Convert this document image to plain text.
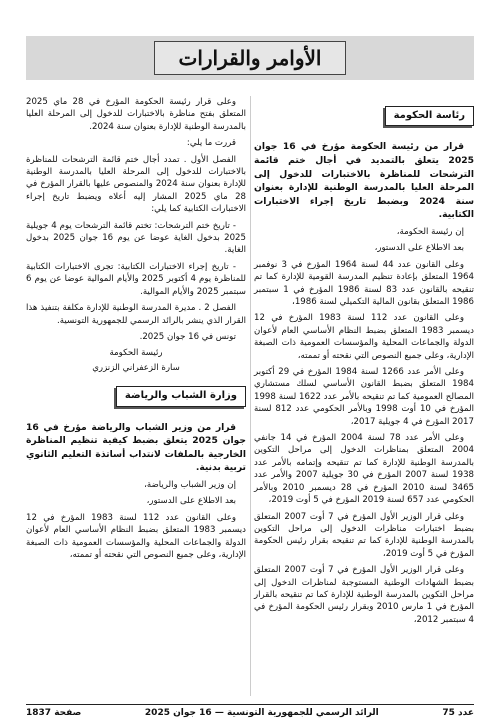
الأوامر والقرارات
رئاسة الحكومة

قرار من رئيسة الحكومة مؤرخ في 16 جوان 2025 يتعلق بالتمديد في أجال ختم قائمة الترشحات للمناظرة بالاختبارات للدخول إلى المرحلة العليا بالمدرسة الوطنية للإدارة بعنوان سنة 2024 وبضبط تاريخ إجراء الاختبارات الكتابية.

إن رئيسة الحكومة،

بعد الاطلاع على الدستور،

وعلى القانون عدد 44 لسنة 1964 المؤرخ في 3 نوفمبر 1964 المتعلق بإعادة تنظيم المدرسة القومية للإدارة كما تم تنقيحه بالقانون عدد 83 لسنة 1986 المؤرخ في 1 سبتمبر 1986 المتعلق بقانون المالية التكميلي لسنة 1986،

وعلى القانون عدد 112 لسنة 1983 المؤرخ في 12 ديسمبر 1983 المتعلق بضبط النظام الأساسي العام لأعوان الدولة والجماعات المحلية والمؤسسات العمومية ذات الصبغة الإدارية، وعلى جميع النصوص التي نقحته أو تممته،

وعلى الأمر عدد 1266 لسنة 1984 المؤرخ في 29 أكتوبر 1984 المتعلق بضبط القانون الأساسي لسلك مستشاري المصالح العمومية كما تم تنقيحه بالأمر عدد 1622 لسنة 1998 المؤرخ في 10 أوت 1998 وبالأمر الحكومي عدد 812 لسنة 2017 المؤرخ في 4 جويلية 2017،

وعلى الأمر عدد 78 لسنة 2004 المؤرخ في 14 جانفي 2004 المتعلق بمناظرات الدخول إلى مراحل التكوين بالمدرسة الوطنية للإدارة كما تم تنقيحه وإتمامه بالأمر عدد 1938 لسنة 2007 المؤرخ في 30 جويلية 2007 والأمر عدد 3465 لسنة 2010 المؤرخ في 28 ديسمبر 2010 وبالأمر الحكومي عدد 657 لسنة 2019 المؤرخ في 5 أوت 2019،

وعلى قرار الوزير الأول المؤرخ في 7 أوت 2007 المتعلق بضبط اختبارات مناظرات الدخول إلى مراحل التكوين بالمدرسة الوطنية للإدارة كما تم تنقيحه بقرار رئيس الحكومة المؤرخ في 5 أوت 2019،

وعلى قرار الوزير الأول المؤرخ في 7 أوت 2007 المتعلق بضبط الشهادات الوطنية المستوجبة لمناظرات الدخول إلى مراحل التكوين بالمدرسة الوطنية للإدارة كما تم تنقيحه بالقرار المؤرخ في 1 مارس 2010 وبقرار رئيس الحكومة المؤرخ في 4 سبتمبر 2012،

وعلى قرار رئيسة الحكومة المؤرخ في 28 ماي 2025 المتعلق بفتح مناظرة بالاختبارات للدخول إلى المرحلة العليا بالمدرسة الوطنية للإدارة بعنوان سنة 2024.

قررت ما يلي:

الفصل الأول . تمدد أجال ختم قائمة الترشحات للمناظرة بالاختبارات للدخول إلى المرحلة العليا بالمدرسة الوطنية للإدارة بعنوان سنة 2024 والمنصوص عليها بالقرار المؤرخ في 28 ماي 2025 المشار إليه أعلاه ويضبط تاريخ إجراء الاختبارات الكتابية كما يلي:

- تاريخ ختم الترشحات: تختم قائمة الترشحات يوم 4 جويلية 2025 بدخول الغاية عوضا عن يوم 16 جوان 2025 بدخول الغاية.

- تاريخ إجراء الاختبارات الكتابية: تجرى الاختبارات الكتابية للمناظرة يوم 4 أكتوبر 2025 والأيام الموالية عوضا عن يوم 6 سبتمبر 2025 والأيام الموالية.

الفصل 2 . مديرة المدرسة الوطنية للإدارة مكلفة بتنفيذ هذا القرار الذي ينشر بالرائد الرسمي للجمهورية التونسية.

تونس في 16 جوان 2025.

رئيسة الحكومة

سارة الزعفراني الزنزري

وزارة الشباب والرياضة

قرار من وزير الشباب والرياضة مؤرخ في 16 جوان 2025 يتعلق بضبط كيفية تنظيم المناظرة الخارجية بالملفات لانتداب أساتذة التعليم الثانوي تربية بدنية.

إن وزير الشباب والرياضة،

بعد الاطلاع على الدستور،

وعلى القانون عدد 112 لسنة 1983 المؤرخ في 12 ديسمبر 1983 المتعلق بضبط النظام الأساسي العام لأعوان الدولة والجماعات المحلية والمؤسسات العمومية ذات الصبغة الإدارية، وعلى جميع النصوص التي نقحته أو تممته،

عدد 75
الرائد الرسمي للجمهورية التونسية — 16 جوان 2025
صفحة 1837
